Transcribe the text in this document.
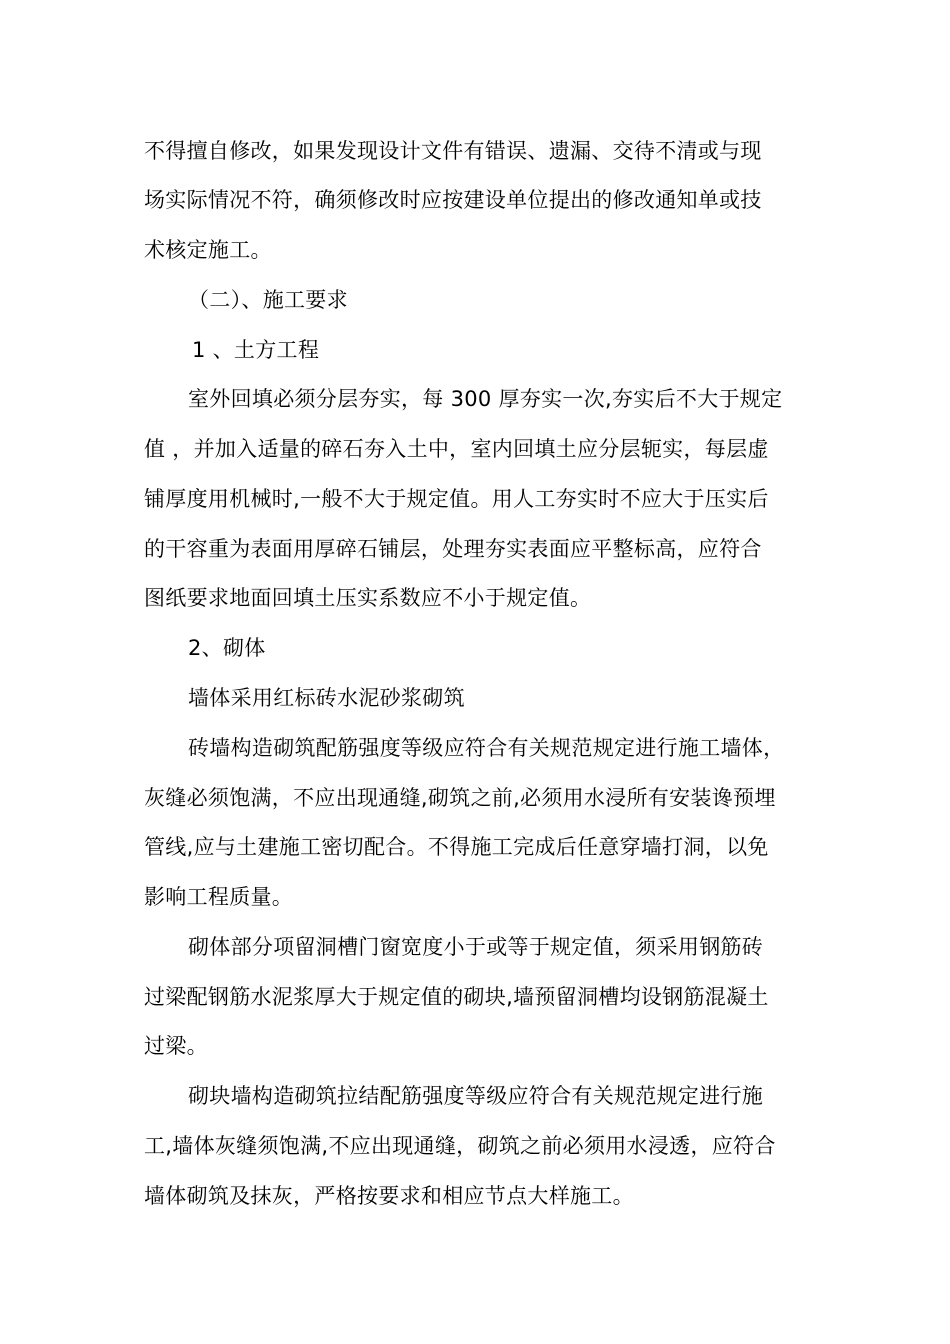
不得擅自修改，如果发现设计文件有错误、遗漏、交待不清或与现
场实际情况不符，确须修改时应按建设单位提出的修改通知单或技
术核定施工。
（二）、施工要求
1 、土方工程
室外回填必须分层夯实，每 300 厚夯实一次,夯实后不大于规定
值 ，并加入适量的碎石夯入土中，室内回填土应分层轭实，每层虚
铺厚度用机械时,一般不大于规定值。用人工夯实时不应大于压实后
的干容重为表面用厚碎石铺层，处理夯实表面应平整标高，应符合
图纸要求地面回填土压实系数应不小于规定值。
2、砌体
墙体采用红标砖水泥砂浆砌筑
砖墙构造砌筑配筋强度等级应符合有关规范规定进行施工墙体，
灰缝必须饱满，不应出现通缝,砌筑之前,必须用水浸所有安装谗预埋
管线,应与土建施工密切配合。不得施工完成后任意穿墙打洞，以免
影响工程质量。
砌体部分项留洞槽门窗宽度小于或等于规定值，须采用钢筋砖
过梁配钢筋水泥浆厚大于规定值的砌块,墙预留洞槽均设钢筋混凝土
过梁。
砌块墙构造砌筑拉结配筋强度等级应符合有关规范规定进行施
工,墙体灰缝须饱满,不应出现通缝，砌筑之前必须用水浸透，应符合
墙体砌筑及抹灰，严格按要求和相应节点大样施工。
